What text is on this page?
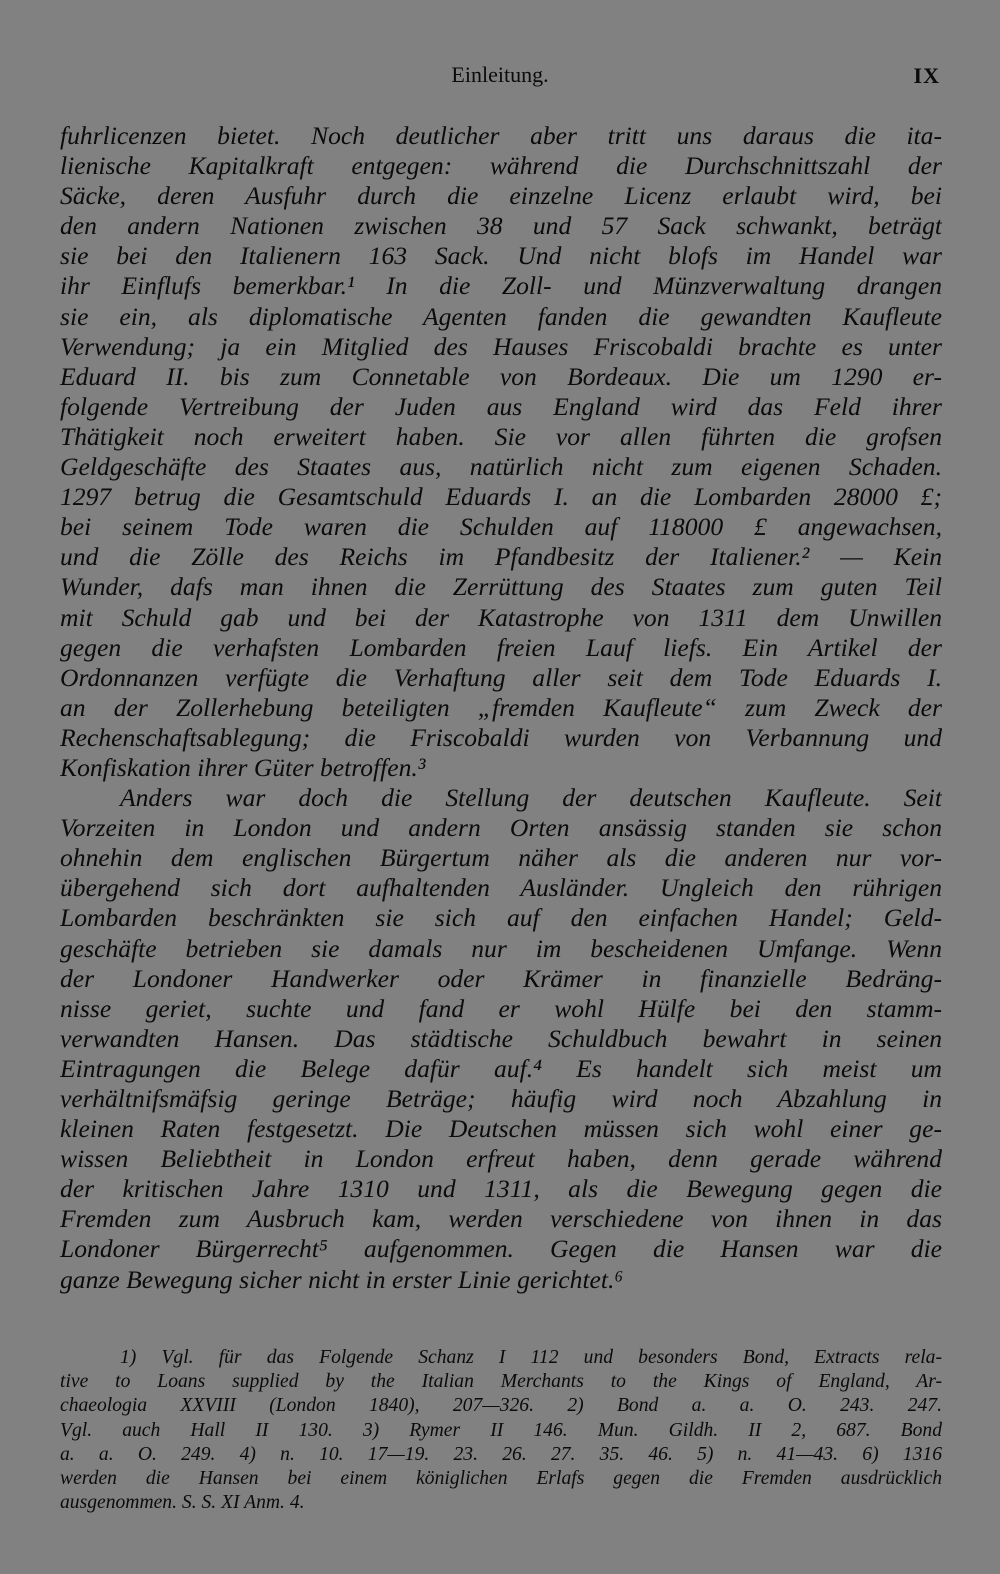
Einleitung.	IX
fuhrlicenzen bietet. Noch deutlicher aber tritt uns daraus die ita-
lienische Kapitalkraft entgegen: während die Durchschnittszahl der
Säcke, deren Ausfuhr durch die einzelne Licenz erlaubt wird, bei
den andern Nationen zwischen 38 und 57 Sack schwankt, beträgt
sie bei den Italienern 163 Sack. Und nicht blofs im Handel war
ihr Einflufs bemerkbar.¹ In die Zoll- und Münzverwaltung drangen
sie ein, als diplomatische Agenten fanden die gewandten Kaufleute
Verwendung; ja ein Mitglied des Hauses Friscobaldi brachte es unter
Eduard II. bis zum Connetable von Bordeaux. Die um 1290 er-
folgende Vertreibung der Juden aus England wird das Feld ihrer
Thätigkeit noch erweitert haben. Sie vor allen führten die grofsen
Geldgeschäfte des Staates aus, natürlich nicht zum eigenen Schaden.
1297 betrug die Gesamtschuld Eduards I. an die Lombarden 28000 £;
bei seinem Tode waren die Schulden auf 118000 £ angewachsen,
und die Zölle des Reichs im Pfandbesitz der Italiener.² — Kein
Wunder, dafs man ihnen die Zerrüttung des Staates zum guten Teil
mit Schuld gab und bei der Katastrophe von 1311 dem Unwillen
gegen die verhafsten Lombarden freien Lauf liefs. Ein Artikel der
Ordonnanzen verfügte die Verhaftung aller seit dem Tode Eduards I.
an der Zollerhebung beteiligten „fremden Kaufleute“ zum Zweck der
Rechenschaftsablegung; die Friscobaldi wurden von Verbannung und
Konfiskation ihrer Güter betroffen.³
Anders war doch die Stellung der deutschen Kaufleute. Seit
Vorzeiten in London und andern Orten ansässig standen sie schon
ohnehin dem englischen Bürgertum näher als die anderen nur vor-
übergehend sich dort aufhaltenden Ausländer. Ungleich den rührigen
Lombarden beschränkten sie sich auf den einfachen Handel; Geld-
geschäfte betrieben sie damals nur im bescheidenen Umfange. Wenn
der Londoner Handwerker oder Krämer in finanzielle Bedräng-
nisse geriet, suchte und fand er wohl Hülfe bei den stamm-
verwandten Hansen. Das städtische Schuldbuch bewahrt in seinen
Eintragungen die Belege dafür auf.⁴ Es handelt sich meist um
verhältnifsmäfsig geringe Beträge; häufig wird noch Abzahlung in
kleinen Raten festgesetzt. Die Deutschen müssen sich wohl einer ge-
wissen Beliebtheit in London erfreut haben, denn gerade während
der kritischen Jahre 1310 und 1311, als die Bewegung gegen die
Fremden zum Ausbruch kam, werden verschiedene von ihnen in das
Londoner Bürgerrecht⁵ aufgenommen. Gegen die Hansen war die
ganze Bewegung sicher nicht in erster Linie gerichtet.⁶
1) Vgl. für das Folgende Schanz I 112 und besonders Bond, Extracts rela-
tive to Loans supplied by the Italian Merchants to the Kings of England, Ar-
chaeologia XXVIII (London 1840), 207—326. 2) Bond a. a. O. 243. 247.
Vgl. auch Hall II 130. 3) Rymer II 146. Mun. Gildh. II 2, 687. Bond
a. a. O. 249. 4) n. 10. 17—19. 23. 26. 27. 35. 46. 5) n. 41—43. 6) 1316
werden die Hansen bei einem königlichen Erlafs gegen die Fremden ausdrücklich
ausgenommen. S. S. XI Anm. 4.
